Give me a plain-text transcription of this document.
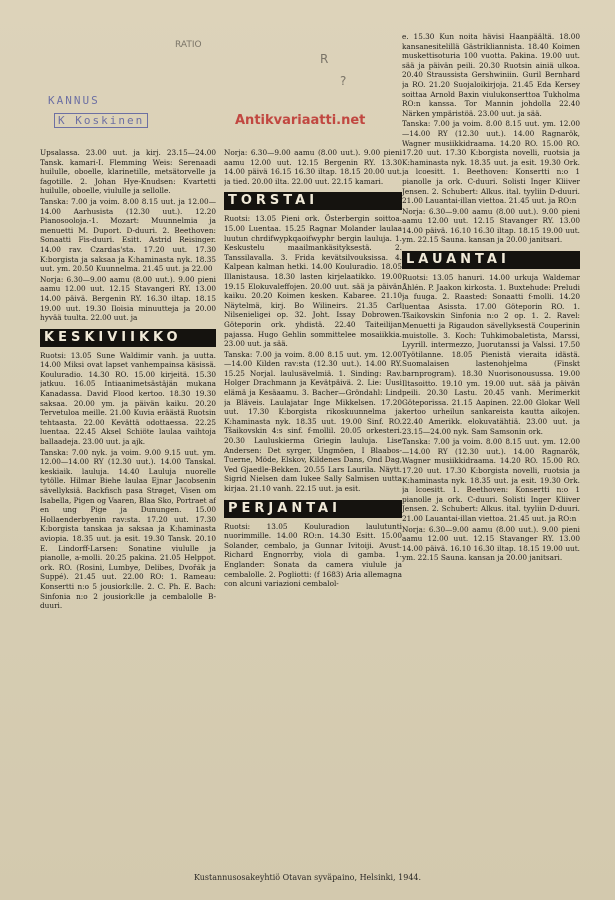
RATIO
R
?
KANNUS
K Koskinen

Upsalassa. 23.00 uut. ja kirj. 23.15—24.00 Tansk. kamari-I. Flemming Weis: Serenaadi huilulle, oboelle, klarinetille, metsätorvelle ja fagotille. 2. Johan Hye-Knudsen: Kvartetti huilulle, oboelle, viululle ja sellolle.

Tanska: 7.00 ja voim. 8.00 8.15 uut. ja 12.00—14.00 Aarhusista (12.30 uut.). 12.20 Pianosooloja.-1. Mozart: Muunnelmia ja menuetti M. Duport. D-duuri. 2. Beethoven: Sonaatti Fis-duuri. Esitt. Astrid Reisinger. 14.00 rav. Czardas'sta. 17.20 uut. 17.30 K:borgista ja saksaa ja K:haminasta nyk. 18.35 uut. ym. 20.50 Kuunnelma. 21.45 uut. ja 22.00

Norja: 6.30—9.00 aamu (8.00 uut.). 9.00 pieni aamu 12.00 uut. 12.15 Stavangeri RY. 13.00 14.00 päivä. Bergenin RY. 16.30 iltap. 18.15 19.00 uut. 19.30 Iloisia minuutteja ja 20.00 hyvää tuulta. 22.00 uut. ja

KESKIVIIKKO

Ruotsi: 13.05 Sune Waldimir vanh. ja uutta. 14.00 Miksi ovat lapset vanhempainsa käsissä. Kouluradio. 14.30 RO. 15.00 kirjeitä. 15.30 jatkuu. 16.05 Intiaanimetsästäjän mukana Kanadassa. David Flood kertoo. 18.30 19.30 saksaa. 20.00 ym. ja päivän kaiku. 20.20 Tervetuloa meille. 21.00 Kuvia eräästä Ruotsin tehtaasta. 22.00 Kevättä odottaessa. 22.25 luentaa. 22.45 Aksel Schiöte laulaa vaihtoja ballaadeja. 23.00 uut. ja ajk.

Tanska: 7.00 nyk. ja voim. 9.00 9.15 uut. ym. 12.00—14.00 RY (12.30 uut.). 14.00 Tanskal. keskiaik. lauluja. 14.40 Lauluja nuorelle tytölle. Hilmar Biehe laulaa Ejnar Jacobsenin sävellyksiä. Backfisch pasa Strøget, Visen om Isabella, Pigen og Vaaren, Blaa Sko, Portraet af en ung Pige ja Dunungen. 15.00 Hollaenderbyenin rav:sta. 17.20 uut. 17.30 K:borgista tanskaa ja saksaa ja K:haminasta aviopia. 18.35 uut. ja esit. 19.30 Tansk. 20.10 E. Lindorff-Larsen: Sonatine viululle ja pianolle, a-molli. 20.25 pakina. 21.05 Helppot. ork. RO. (Rosini, Lumbye, Delibes, Dvořák ja Suppé). 21.45 uut. 22.00 RO: 1. Rameau: Konsertti n:o 5 jousiork:lle. 2. C. Ph. E. Bach: Sinfonia n:o 2 jousiork:lle ja cembalolle B-duuri.

Norja: 6.30—9.00 aamu (8.00 uut.). 9.00 pieni aamu 12.00 uut. 12.15 Bergenin RY. 13.30 14.00 päivä 16.15 16.30 iltap. 18.15 20.00 uut. ja tied. 20.00 ilta. 22.00 uut. 22.15 kamari.

TORSTAI

Ruotsi: 13.05 Pieni ork. Österbergin soittoa. 15.00 Luentaa. 15.25 Ragnar Molander laulaa luutun chrdifwypkqaoifwyphr bergin lauluja. 1. Keskustelu maailmankäsityksestä. 2. Tanssilavalla. 3. Frida kevätsilvouksissa. 4. Kalpean kalman hetki. 14.00 Kouluradio. 18.05 Illanistausa. 18.30 lasten kirjelaatikko. 19.00 19.15 Elokuvaleffojen. 20.00 uut. sää ja päivän kaiku. 20.20 Koimen kesken. Kabaree. 21.10 Näytelmä, kirj. Bo Wilineirs. 21.35 Carl Nilsenieligei op. 32. Joht. Issay Dobrowen. Göteporin ork. yhdistä. 22.40 Taiteilijan pajassa. Hugo Gehlin sommittelee mosaiikkia. 23.00 uut. ja sää.

Tanska: 7.00 ja voim. 8.00 8.15 uut. ym. 12.00—14.00 Kilden rav:sta (12.30 uut.). 14.00 RY. 15.25 Norjal. laulusävelmiä. 1. Sinding: Rav. Holger Drachmann ja Kevätpäivä. 2. Lie: Uusi elämä ja Kesäaamu. 3. Bacher—Gröndahl: Lind ja Bläveis. Laulajatar Inge Mikkelsen. 17.20 uut. 17.30 K:borgista rikoskuunnelma ja K:haminasta nyk. 18.35 uut. 19.00 Sinf. RO. Tšaikovskin 4:s sinf. f-mollil. 20.05 orkesteri. 20.30 Lauluskierma Griegin lauluja. Lise Andersen: Det syrger, Ungmöen, I Blaabos-Tuerne, Möde, Elskov, Kildenes Dans, Ond Dag, Ved Gjaedle-Bekken. 20.55 Lars Laurila. Näytt. Sigrid Nielsen dam lukee Sally Salmisen uutta kirjaa. 21.10 vanh. 22.15 uut. ja esit.

PERJANTAI

Ruotsi: 13.05 Kouluradion laulutunti nuorimmille. 14.00 RO:n. 14.30 Esitt. 15.00 Solander, cembalo, ja Gunnar Ivitoiji. Avust. Richard Engnorrby, viola di gamba. 1. Englander: Sonata da camera viulule ja cembalolle. 2. Pogliotti: (f 1683) Aria allemagna con alcuni variazioni cembalol-

e. 15.30 Kun noita hävisi Haanpäältä. 18.00 kansanesitelillä Gästrikliannista. 18.40 Koimen muskettisoturia 100 vuotta. Pakina. 19.00 uut. sää ja päivän peili. 20.30 Ruotsin ainiä ulkoa. 20.40 Straussista Gershwiniin. Guril Bernhard ja RO. 21.20 Suojaloikirjoja. 21.45 Eda Kersey soittaa Arnold Baxin viulukonserttoa Tukholma RO:n kanssa. Tor Mannin johdolla 22.40 Närken ympäristöä. 23.00 uut. ja sää.

Tanska: 7.00 ja voim. 8.00 8.15 uut. ym. 12.00—14.00 RY (12.30 uut.). 14.00 Ragnarök, Wagner musiikkidraama. 14.20 RO. 15.00 RO. 17.20 uut. 17.30 K:borgista novelli, ruotsia ja K:haminasta nyk. 18.35 uut. ja esit. 19.30 Ork. ja lcoesitt. 1. Beethoven: Konsertti n:o 1 pianolle ja ork. C-duuri. Solisti Inger Kliiver Jensen. 2. Schubert: Alkus. ital. tyyliin D-duuri. 21.00 Lauantai-illan viettoa. 21.45 uut. ja RO:n

Norja: 6.30—9.00 aamu (8.00 uut.). 9.00 pieni aamu 12.00 uut. 12.15 Stavanger RY. 13.00 14.00 päivä. 16.10 16.30 iltap. 18.15 19.00 uut. ym. 22.15 Sauna. kansan ja 20.00 janitsari.

LAUANTAI

Ruotsi: 13.05 hanuri. 14.00 urkuja Waldemar Åhlén. P. Jaakon kirkosta. 1. Buxtehude: Preludi ja fuuga. 2. Raasted: Sonaatti f-molli. 14.20 luentaa Asissta. 17.00 Göteporin RO. 1. Tšaikovskin Sinfonia n:o 2 op. 1. 2. Ravel: Menuetti ja Rigaudon sävellyksestä Couperinin muistolle. 3. Koch: Tuhkimobaletista, Marssi, Lyyrill. intermezzo, Juorutanssi ja Valssi. 17.50 Työtilanne. 18.05 Pienistä vieraita idästä. Suomalaisen lastenohjelma (Finskt barnprogram). 18.30 Nuorisonousussa. 19.00 Iltasoitto. 19.10 ym. 19.00 uut. sää ja päivän peili. 20.30 Lastu. 20.45 vanh. Merimerkit Göteporissa. 21.15 Aapinen. 22.00 Glokar Well kertoo urheilun sankareista kautta aikojen. 22.40 Amerikk. elokuvatähtiä. 23.00 uut. ja 23.15—24.00 nyk. Sam Samsonin ork.

Tanska: 7.00 ja voim. 8.00 8.15 uut. ym. 12.00—14.00 RY (12.30 uut.). 14.00 Ragnarök, Wagner musiikkidraama. 14.20 RO. 15.00 RO. 17.20 uut. 17.30 K:borgista novelli, ruotsia ja K:haminasta nyk. 18.35 uut. ja esit. 19.30 Ork. ja lcoesitt. 1. Beethoven: Konsertti n:o 1 pianolle ja ork. C-duuri. Solisti Inger Kliiver Jensen. 2. Schubert: Alkus. ital. tyyliin D-duuri. 21.00 Lauantai-illan viettoa. 21.45 uut. ja RO:n

Norja: 6.30—9.00 aamu (8.00 uut.). 9.00 pieni aamu 12.00 uut. 12.15 Stavanger RY. 13.00 14.00 päivä. 16.10 16.30 iltap. 18.15 19.00 uut. ym. 22.15 Sauna. kansan ja 20.00 janitsari.

Antikvariaatti.net
Kustannusosakeyhtiö Otavan syväpaino, Helsinki, 1944.
